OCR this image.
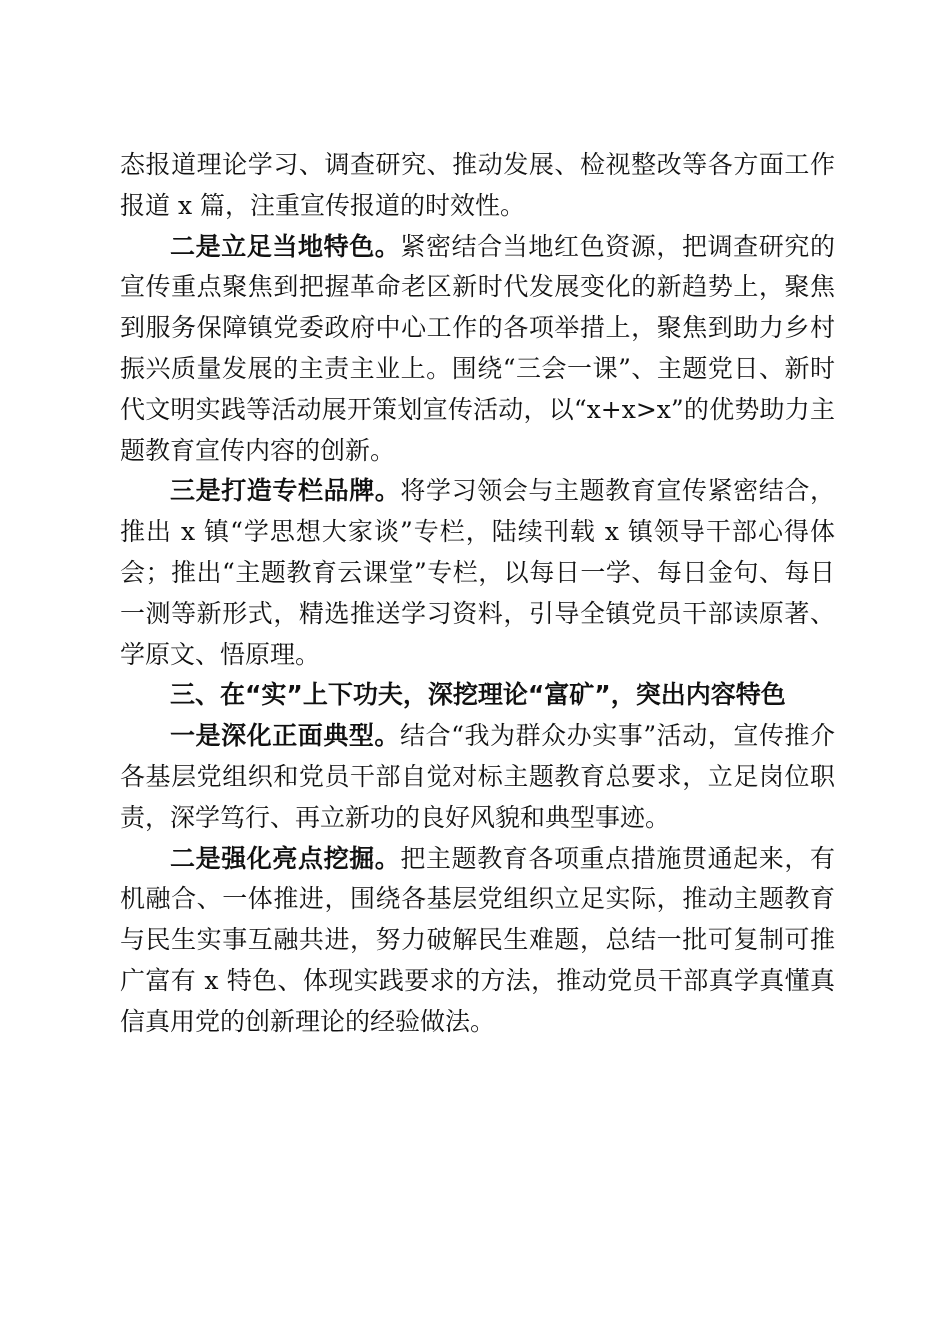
态报道理论学习、调查研究、推动发展、检视整改等各方面工作报道 x 篇，注重宣传报道的时效性。

二是立足当地特色。紧密结合当地红色资源，把调查研究的宣传重点聚焦到把握革命老区新时代发展变化的新趋势上，聚焦到服务保障镇党委政府中心工作的各项举措上，聚焦到助力乡村振兴质量发展的主责主业上。围绕“三会一课”、主题党日、新时代文明实践等活动展开策划宣传活动，以“x+x>x”的优势助力主题教育宣传内容的创新。

三是打造专栏品牌。将学习领会与主题教育宣传紧密结合，推出 x 镇“学思想大家谈”专栏，陆续刊载 x 镇领导干部心得体会；推出“主题教育云课堂”专栏，以每日一学、每日金句、每日一测等新形式，精选推送学习资料，引导全镇党员干部读原著、学原文、悟原理。

三、在“实”上下功夫，深挖理论“富矿”，突出内容特色

一是深化正面典型。结合“我为群众办实事”活动，宣传推介各基层党组织和党员干部自觉对标主题教育总要求，立足岗位职责，深学笃行、再立新功的良好风貌和典型事迹。

二是强化亮点挖掘。把主题教育各项重点措施贯通起来，有机融合、一体推进，围绕各基层党组织立足实际，推动主题教育与民生实事互融共进，努力破解民生难题，总结一批可复制可推广富有 x 特色、体现实践要求的方法，推动党员干部真学真懂真信真用党的创新理论的经验做法。
